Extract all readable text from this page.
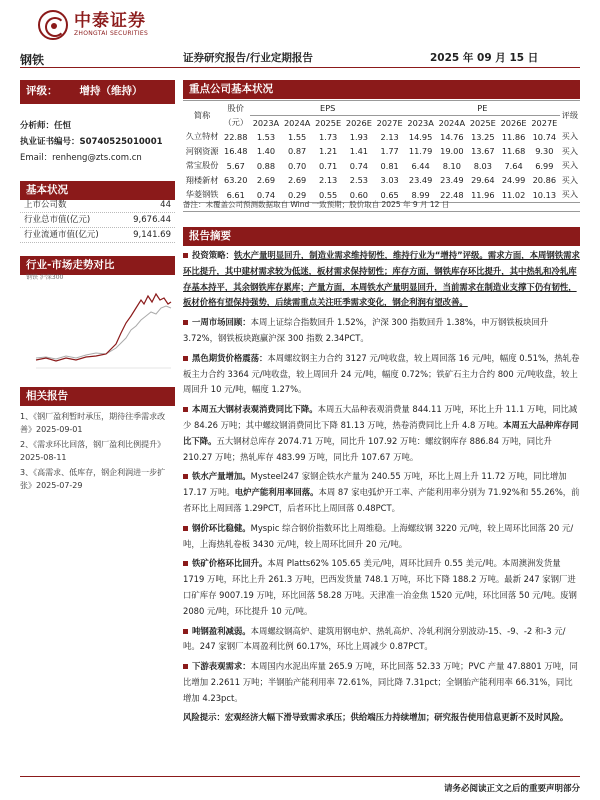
中泰证券
ZHONGTAI SECURITIES
钢铁	证券研究报告/行业定期报告	2025 年 09 月 15 日
评级： 增持（维持）
分析师：任恒
执业证书编号：S0740525010001
Email：renheng@zts.com.cn
基本状况
上市公司数	44
行业总市值(亿元)	9,676.44
行业流通市值(亿元)	9,141.69
行业-市场走势对比
钢铁 沪深300
相关报告
1、《钢厂盈利暂时承压，期待往季需求改善》2025-09-01
2、《需求环比回落，钢厂盈利比例提升》2025-08-11
3、《高需求、低库存，钢企利润进一步扩张》2025-07-29
重点公司基本状况
简称	股价	EPS					PE					评级
	（元）	2023A	2024A	2025E	2026E	2027E	2023A	2024A	2025E	2026E	2027E	
久立特材	22.88	1.53	1.55	1.73	1.93	2.13	14.95	14.76	13.25	11.86	10.74	买入
河钢资源	16.48	1.40	0.87	1.21	1.41	1.77	11.79	19.00	13.67	11.68	9.30	买入
常宝股份	5.67	0.88	0.70	0.71	0.74	0.81	6.44	8.10	8.03	7.64	6.99	买入
翔楼新材	63.20	2.69	2.69	2.13	2.53	3.03	23.49	23.49	29.64	24.99	20.86	买入
华菱钢铁	6.61	0.74	0.29	0.55	0.60	0.65	8.99	22.48	11.96	11.02	10.13	买入
备注：未覆盖公司预测数据取自 Wind 一致预期；股价取自 2025 年 9 月 12 日
报告摘要

投资策略：铁水产量明显回升，制造业需求维持韧性，维持行业为“增持”评级。需求方面，本周钢铁需求环比提升，其中建材需求较为低迷，板材需求保持韧性；库存方面，钢铁库存环比提升，其中热轧和冷轧库存基本持平，其余钢铁库存累库；产量方面，本周铁水产量明显回升，当前需求在制造业支撑下仍有韧性，板材价格有望保持强势，后续需重点关注旺季需求变化，钢企利润有望改善。

一周市场回顾：本周上证综合指数回升 1.52%，沪深 300 指数回升 1.38%，申万钢铁板块回升 3.72%，钢铁板块跑赢沪深 300 指数 2.34PCT。

黑色期货价格震荡：本周螺纹钢主力合约 3127 元/吨收盘，较上周回落 16 元/吨，幅度 0.51%，热轧卷板主力合约 3364 元/吨收盘，较上周回升 24 元/吨，幅度 0.72%；铁矿石主力合约 800 元/吨收盘，较上周回升 10 元/吨，幅度 1.27%。

本周五大钢材表观消费同比下降。本周五大品种表观消费量 844.11 万吨，环比上升 11.1 万吨，同比减少 84.26 万吨；其中螺纹钢消费同比下降 81.13 万吨，热卷消费同比上升 4.8 万吨。本周五大品种库存同比下降。五大钢材总库存 2074.71 万吨，同比升 107.92 万吨：螺纹钢库存 886.84 万吨，同比升 210.27 万吨；热轧库存 483.99 万吨，同比升 107.67 万吨。

铁水产量增加。Mysteel247 家钢企铁水产量为 240.55 万吨，环比上周上升 11.72 万吨，同比增加 17.17 万吨。电炉产能利用率回落。本周 87 家电弧炉开工率、产能利用率分别为 71.92%和 55.26%，前者环比上周回落 1.29PCT，后者环比上周回落 0.48PCT。

钢价环比稳健。Myspic 综合钢价指数环比上周维稳。上海螺纹钢 3220 元/吨，较上周环比回落 20 元/吨，上海热轧卷板 3430 元/吨，较上周环比回升 20 元/吨。

铁矿价格环比回升。本周 Platts62% 105.65 美元/吨，周环比回升 0.55 美元/吨。本周澳洲发货量 1719 万吨，环比上升 261.3 万吨，巴西发货量 748.1 万吨，环比下降 188.2 万吨。最新 247 家钢厂进口矿库存 9007.19 万吨，环比回落 58.28 万吨。天津准一冶金焦 1520 元/吨，环比回落 50 元/吨。废钢 2080 元/吨，环比提升 10 元/吨。

吨钢盈利减弱。本周螺纹钢高炉、建筑用钢电炉、热轧高炉、冷轧利润分别波动-15、-9、-2 和-3 元/吨。247 家钢厂本周盈利比例 60.17%，环比上周减少 0.87PCT。

下游表观需求：本周国内水泥出库量 265.9 万吨，环比回落 52.33 万吨；PVC 产量 47.8801 万吨，同比增加 2.2611 万吨；半钢胎产能利用率 72.61%，同比降 7.31pct；全钢胎产能利用率 66.31%，同比增加 4.23pct。

风险提示：宏观经济大幅下滑导致需求承压；供给端压力持续增加；研究报告使用信息更新不及时风险。

请务必阅读正文之后的重要声明部分
